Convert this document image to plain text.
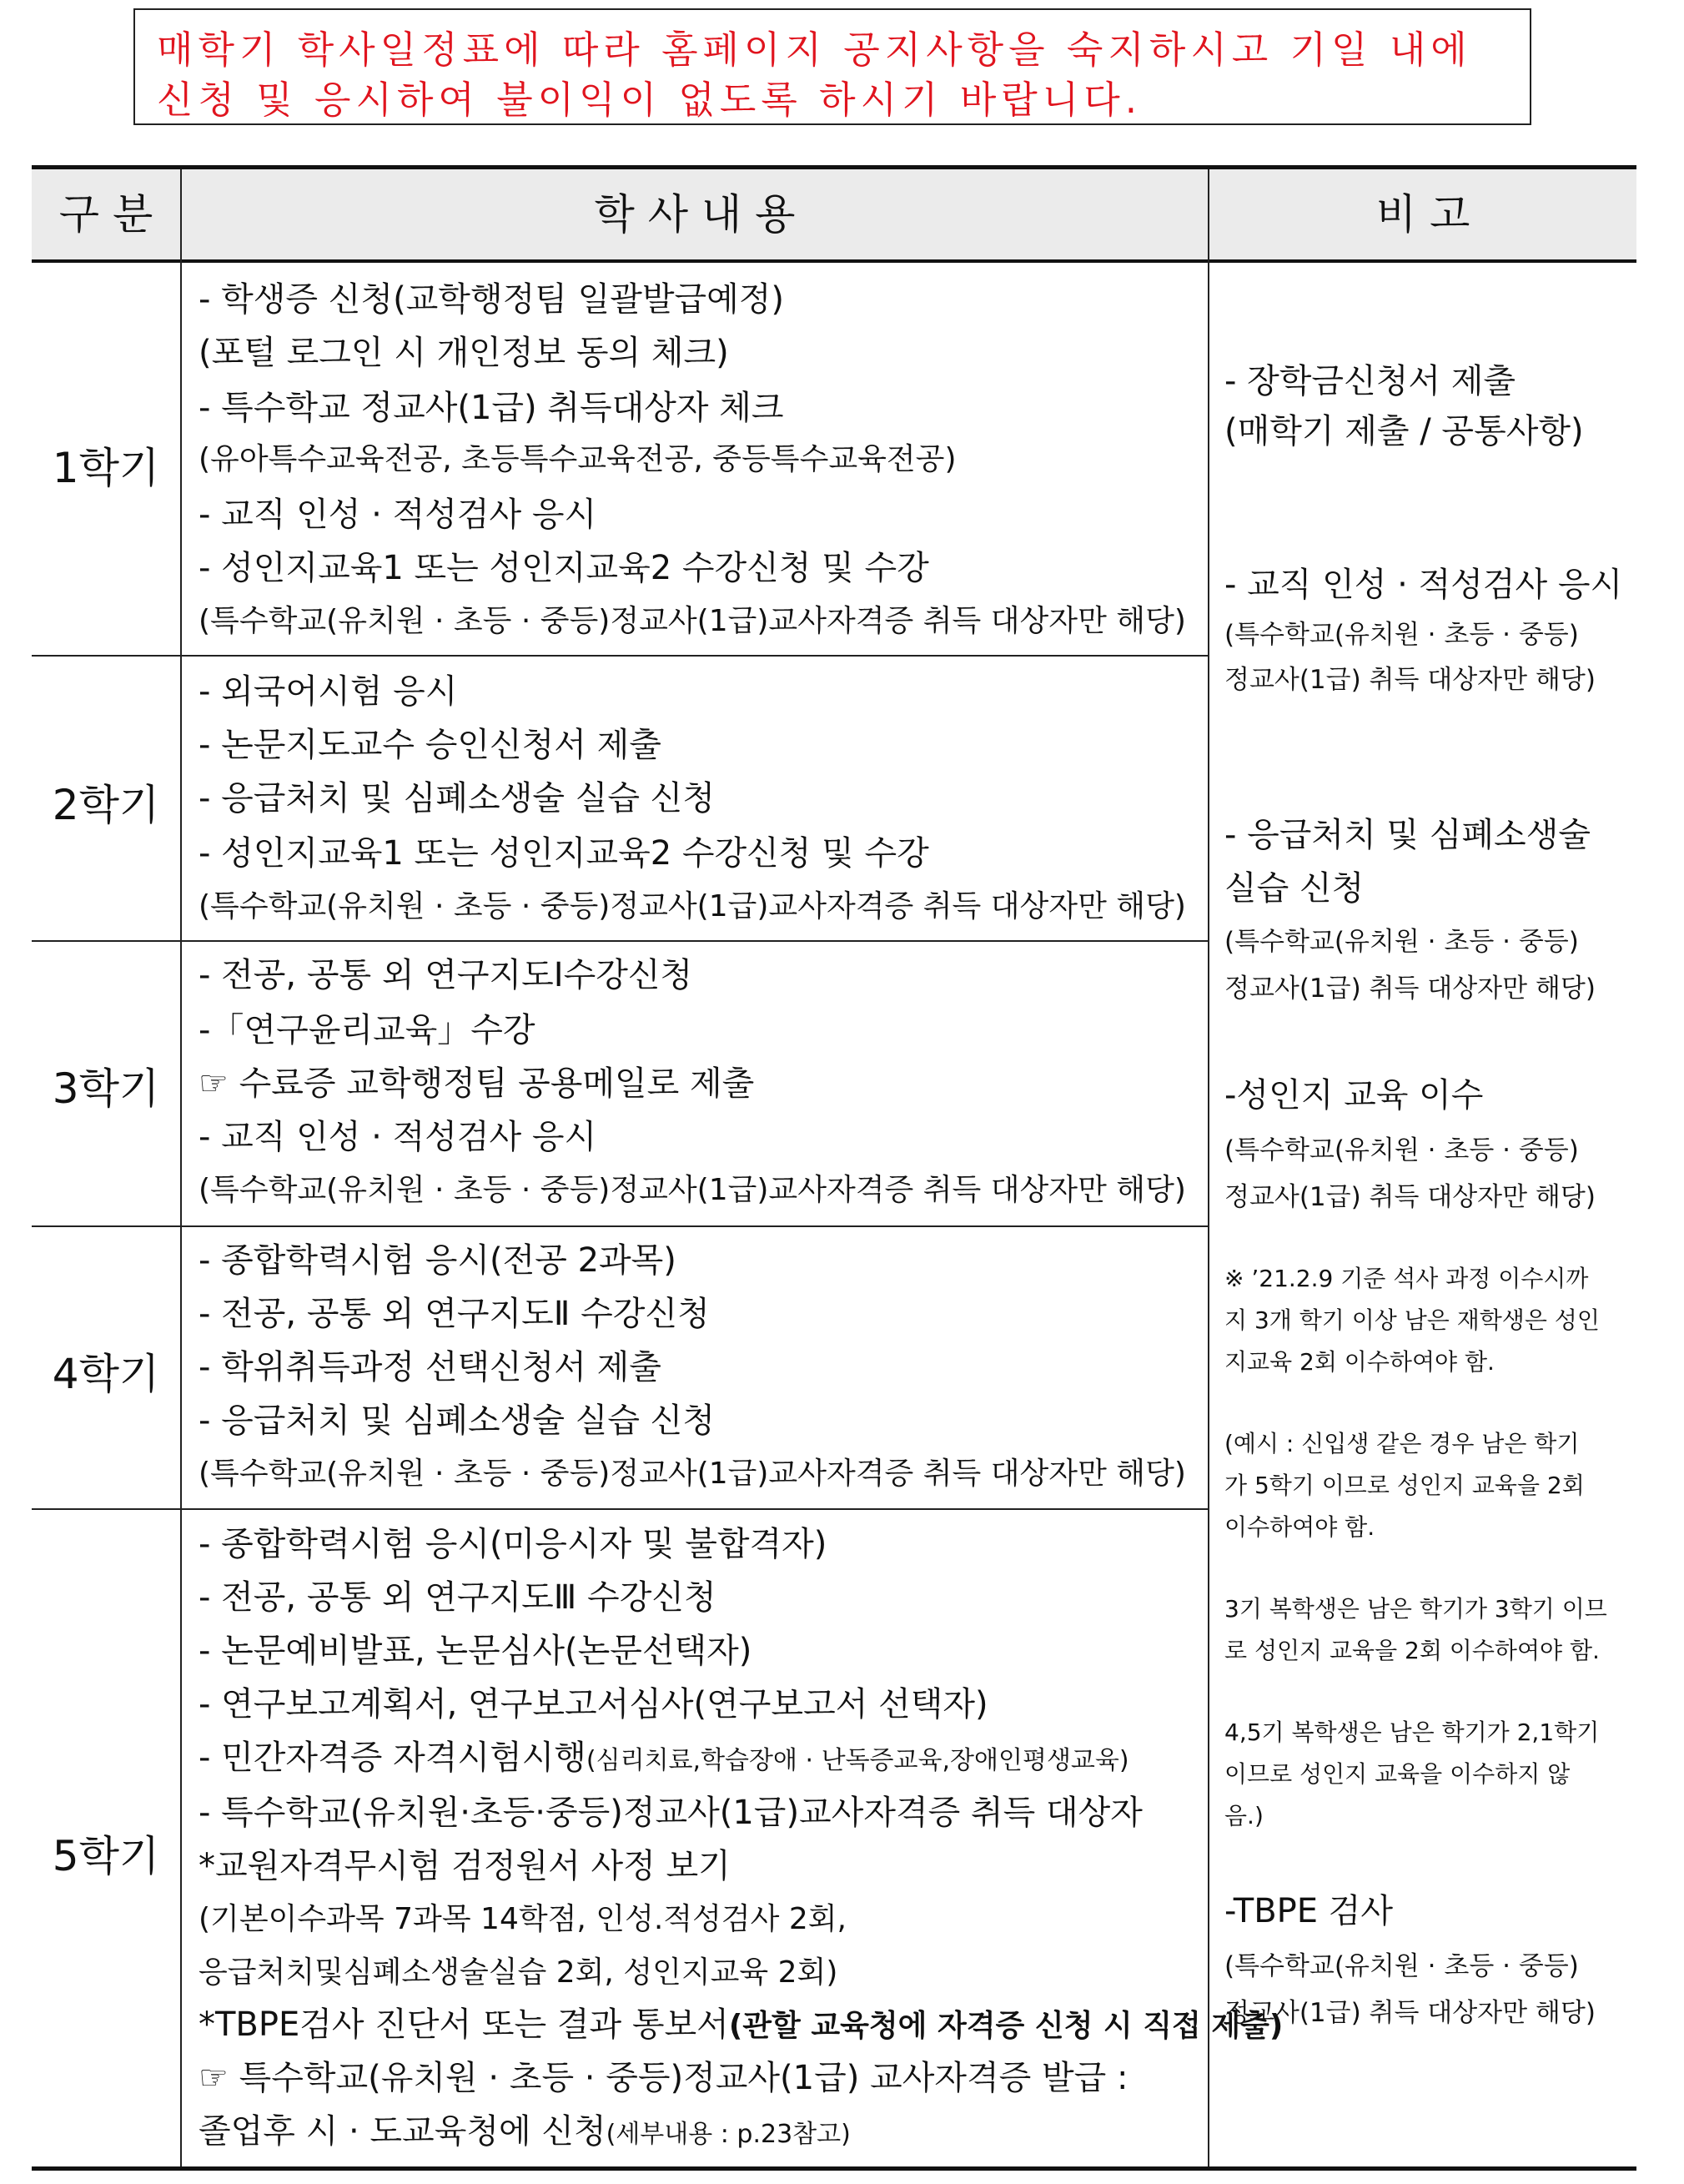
매학기 학사일정표에 따라 홈페이지 공지사항을 숙지하시고 기일 내에
신청 및 응시하여 불이익이 없도록 하시기 바랍니다.
구 분	학 사 내 용	비 고
1학기
- 학생증 신청(교학행정팀 일괄발급예정)
(포털 로그인 시 개인정보 동의 체크)
- 특수학교 정교사(1급) 취득대상자 체크
(유아특수교육전공, 초등특수교육전공, 중등특수교육전공)
- 교직 인성 · 적성검사 응시
- 성인지교육1 또는 성인지교육2 수강신청 및 수강
(특수학교(유치원 · 초등 · 중등)정교사(1급)교사자격증 취득 대상자만 해당)
2학기
- 외국어시험 응시
- 논문지도교수 승인신청서 제출
- 응급처치 및 심폐소생술 실습 신청
- 성인지교육1 또는 성인지교육2 수강신청 및 수강
(특수학교(유치원 · 초등 · 중등)정교사(1급)교사자격증 취득 대상자만 해당)
3학기
- 전공, 공통 외 연구지도Ⅰ수강신청
-「연구윤리교육」수강
☞ 수료증 교학행정팀 공용메일로 제출
- 교직 인성 · 적성검사 응시
(특수학교(유치원 · 초등 · 중등)정교사(1급)교사자격증 취득 대상자만 해당)
4학기
- 종합학력시험 응시(전공 2과목)
- 전공, 공통 외 연구지도Ⅱ 수강신청
- 학위취득과정 선택신청서 제출
- 응급처치 및 심폐소생술 실습 신청
(특수학교(유치원 · 초등 · 중등)정교사(1급)교사자격증 취득 대상자만 해당)
5학기
- 종합학력시험 응시(미응시자 및 불합격자)
- 전공, 공통 외 연구지도Ⅲ 수강신청
- 논문예비발표, 논문심사(논문선택자)
- 연구보고계획서, 연구보고서심사(연구보고서 선택자)
- 민간자격증 자격시험시행(심리치료,학습장애 · 난독증교육,장애인평생교육)
- 특수학교(유치원·초등·중등)정교사(1급)교사자격증 취득 대상자
*교원자격무시험 검정원서 사정 보기
(기본이수과목 7과목 14학점, 인성.적성검사 2회,
응급처치및심폐소생술실습 2회, 성인지교육 2회)
*TBPE검사 진단서 또는 결과 통보서(관할 교육청에 자격증 신청 시 직접 제출)
☞ 특수학교(유치원 · 초등 · 중등)정교사(1급) 교사자격증 발급 :
졸업후 시 · 도교육청에 신청(세부내용 : p.23참고)
- 장학금신청서 제출
(매학기 제출 / 공통사항)
- 교직 인성 · 적성검사 응시
(특수학교(유치원 · 초등 · 중등)
정교사(1급) 취득 대상자만 해당)
- 응급처치 및 심폐소생술
실습 신청
(특수학교(유치원 · 초등 · 중등)
정교사(1급) 취득 대상자만 해당)
-성인지 교육 이수
(특수학교(유치원 · 초등 · 중등)
정교사(1급) 취득 대상자만 해당)
※ ’21.2.9 기준 석사 과정 이수시까
지 3개 학기 이상 남은 재학생은 성인
지교육 2회 이수하여야 함.
(예시 : 신입생 같은 경우 남은 학기
가 5학기 이므로 성인지 교육을 2회
이수하여야 함.
3기 복학생은 남은 학기가 3학기 이므
로 성인지 교육을 2회 이수하여야 함.
4,5기 복학생은 남은 학기가 2,1학기
이므로 성인지 교육을 이수하지 않
음.)
-TBPE 검사
(특수학교(유치원 · 초등 · 중등)
정교사(1급) 취득 대상자만 해당)
